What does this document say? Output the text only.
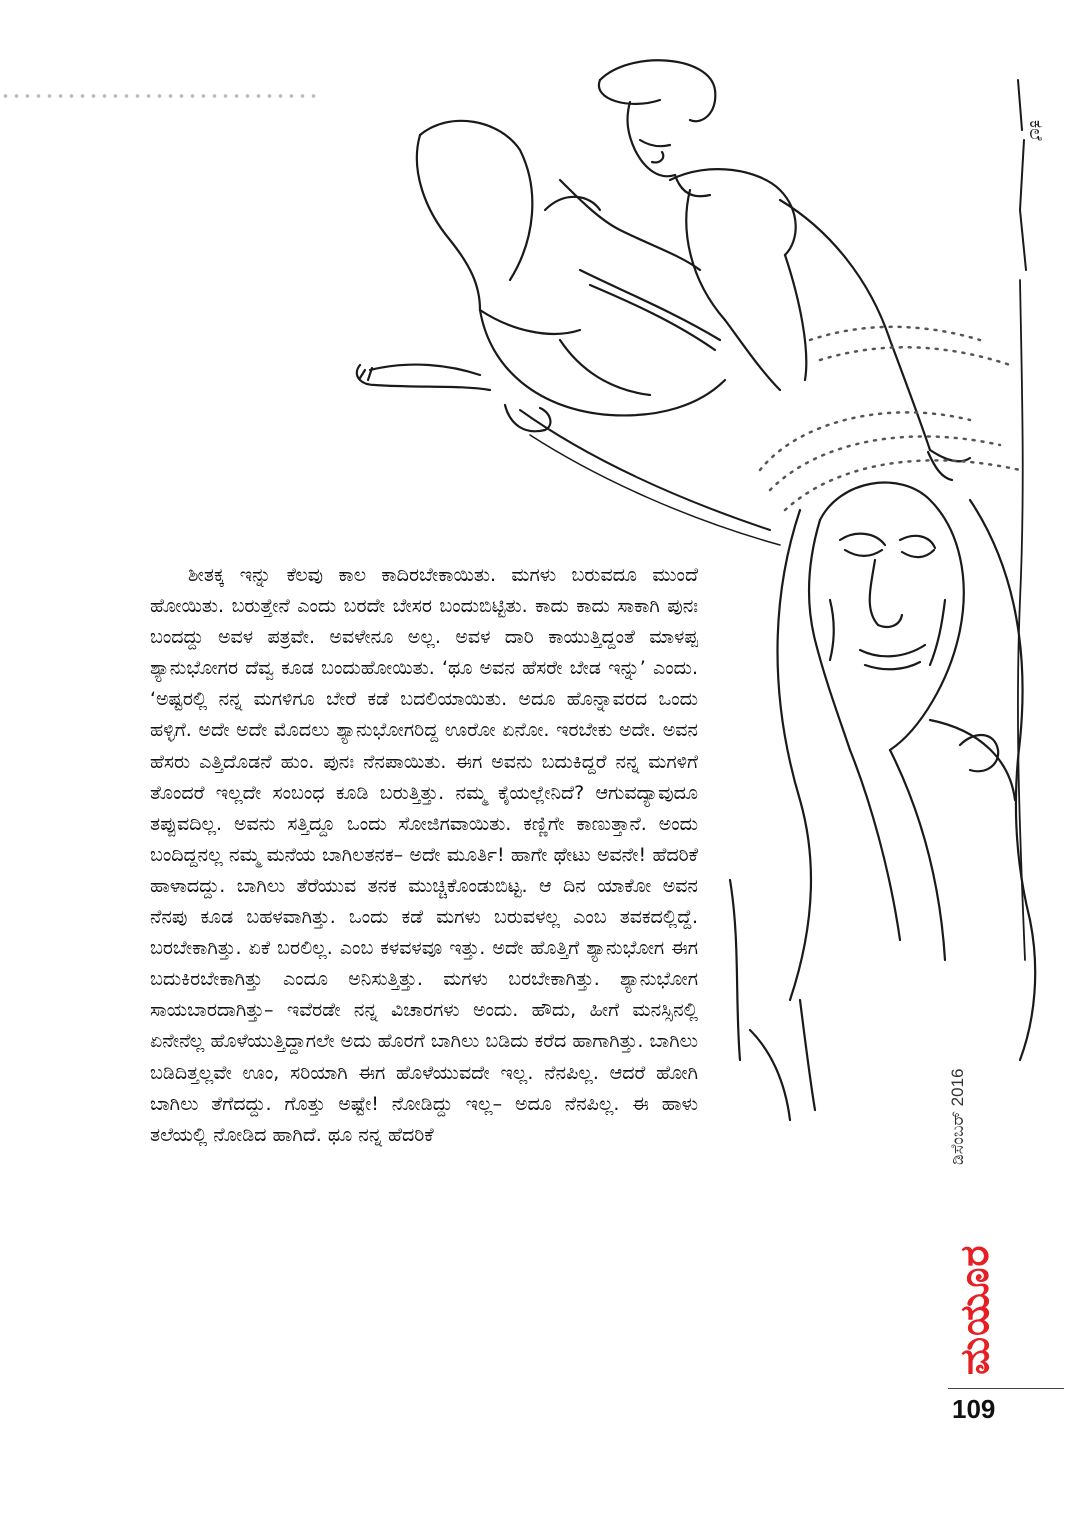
ಕಲೆ

ಶೀತಕ್ಕ ಇನ್ನು ಕೆಲವು ಕಾಲ ಕಾದಿರಬೇಕಾಯಿತು. ಮಗಳು ಬರುವದೂ ಮುಂದೆ ಹೋಯಿತು. ಬರುತ್ತೇನೆ ಎಂದು ಬರದೇ ಬೇಸರ ಬಂದುಬಿಟ್ಟಿತು. ಕಾದು ಕಾದು ಸಾಕಾಗಿ ಪುನಃ ಬಂದದ್ದು ಅವಳ ಪತ್ರವೇ. ಅವಳೇನೂ ಅಲ್ಲ. ಅವಳ ದಾರಿ ಕಾಯುತ್ತಿದ್ದಂತೆ ಮಾಳಪ್ಪ ಶ್ಯಾನುಭೋಗರ ದೆವ್ವ ಕೂಡ ಬಂದುಹೋಯಿತು. ‘ಥೂ ಅವನ ಹೆಸರೇ ಬೇಡ ಇನ್ನು’ ಎಂದು. ‘ಅಷ್ಟರಲ್ಲಿ ನನ್ನ ಮಗಳಿಗೂ ಬೇರೆ ಕಡೆ ಬದಲಿಯಾಯಿತು. ಅದೂ ಹೊನ್ನಾವರದ ಒಂದು ಹಳ್ಳಿಗೆ. ಅದೇ ಅದೇ ಮೊದಲು ಶ್ಯಾನುಭೋಗರಿದ್ದ ಊರೋ ಏನೋ. ಇರಬೇಕು ಅದೇ. ಅವನ ಹೆಸರು ಎತ್ತಿದೊಡನೆ ಹುಂ. ಪುನಃ ನೆನಪಾಯಿತು. ಈಗ ಅವನು ಬದುಕಿದ್ದರೆ ನನ್ನ ಮಗಳಿಗೆ ತೊಂದರೆ ಇಲ್ಲದೇ ಸಂಬಂಧ ಕೂಡಿ ಬರುತ್ತಿತ್ತು. ನಮ್ಮ ಕೈಯಲ್ಲೇನಿದೆ? ಆಗುವದ್ಯಾವುದೂ ತಪ್ಪುವದಿಲ್ಲ. ಅವನು ಸತ್ತಿದ್ದೂ ಒಂದು ಸೋಜಿಗವಾಯಿತು. ಕಣ್ಣಿಗೇ ಕಾಣುತ್ತಾನೆ. ಅಂದು ಬಂದಿದ್ದನಲ್ಲ ನಮ್ಮ ಮನೆಯ ಬಾಗಿಲತನಕ– ಅದೇ ಮೂರ್ತಿ! ಹಾಗೇ ಥೇಟು ಅವನೇ! ಹೆದರಿಕೆ ಹಾಳಾದದ್ದು. ಬಾಗಿಲು ತೆರೆಯುವ ತನಕ ಮುಚ್ಚಿಕೊಂಡುಬಿಟ್ಟ. ಆ ದಿನ ಯಾಕೋ ಅವನ ನೆನಪು ಕೂಡ ಬಹಳವಾಗಿತ್ತು. ಒಂದು ಕಡೆ ಮಗಳು ಬರುವಳಲ್ಲ ಎಂಬ ತವಕದಲ್ಲಿದ್ದೆ. ಬರಬೇಕಾಗಿತ್ತು. ಏಕೆ ಬರಲಿಲ್ಲ. ಎಂಬ ಕಳವಳವೂ ಇತ್ತು. ಅದೇ ಹೊತ್ತಿಗೆ ಶ್ಯಾನುಭೋಗ ಈಗ ಬದುಕಿರಬೇಕಾಗಿತ್ತು ಎಂದೂ ಅನಿಸುತ್ತಿತ್ತು. ಮಗಳು ಬರಬೇಕಾಗಿತ್ತು. ಶ್ಯಾನುಭೋಗ ಸಾಯಬಾರದಾಗಿತ್ತು– ಇವೆರಡೇ ನನ್ನ ವಿಚಾರಗಳು ಅಂದು. ಹೌದು, ಹೀಗೆ ಮನಸ್ಸಿನಲ್ಲಿ ಏನೇನೆಲ್ಲ ಹೊಳೆಯುತ್ತಿದ್ದಾಗಲೇ ಅದು ಹೊರಗೆ ಬಾಗಿಲು ಬಡಿದು ಕರೆದ ಹಾಗಾಗಿತ್ತು. ಬಾಗಿಲು ಬಡಿದಿತ್ತಲ್ಲವೇ ಊಂ, ಸರಿಯಾಗಿ ಈಗ ಹೊಳೆಯುವದೇ ಇಲ್ಲ. ನೆನಪಿಲ್ಲ. ಆದರೆ ಹೋಗಿ ಬಾಗಿಲು ತೆಗೆದದ್ದು. ಗೊತ್ತು ಅಷ್ಟೇ! ನೋಡಿದ್ದು ಇಲ್ಲ– ಅದೂ ನೆನಪಿಲ್ಲ. ಈ ಹಾಳು ತಲೆಯಲ್ಲಿ ನೋಡಿದ ಹಾಗಿದೆ. ಥೂ ನನ್ನ ಹೆದರಿಕೆ	ಡಿಸೆಂಬರ್ 2016
ಮಯೂರ
109
